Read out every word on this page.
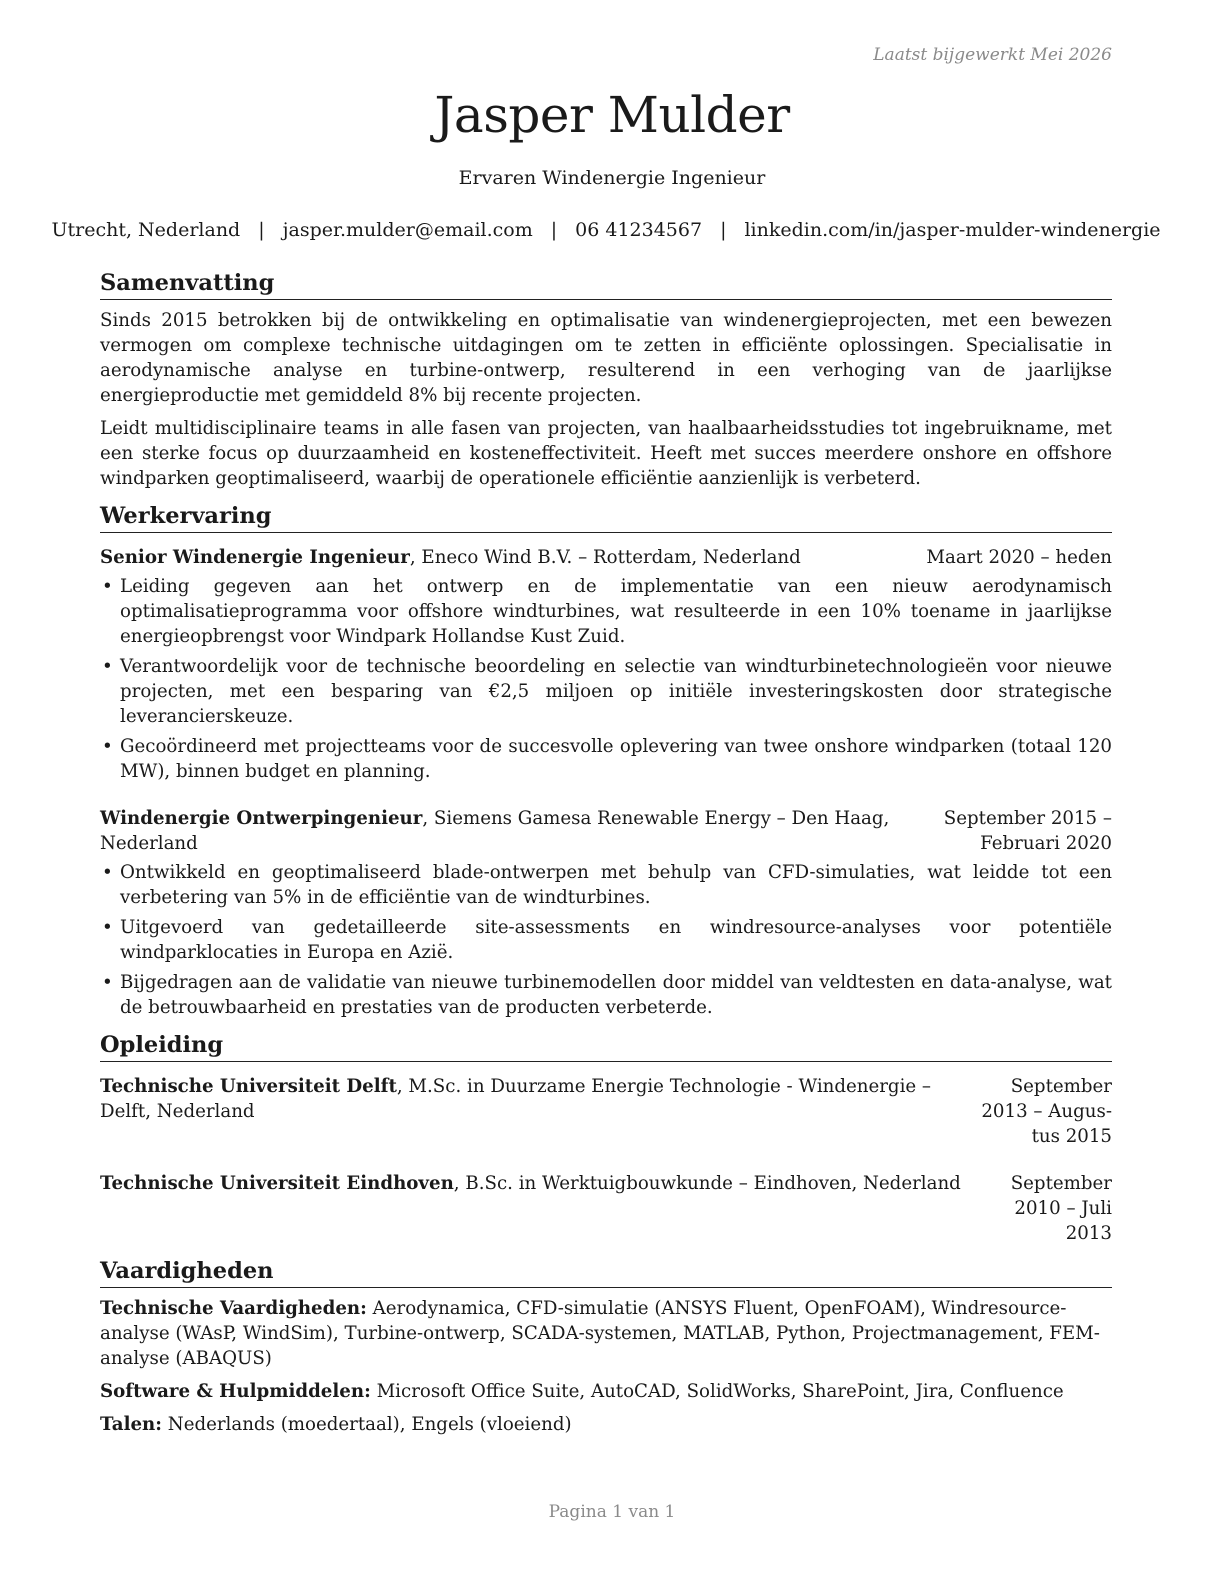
Laatst bijgewerkt Mei 2026
Jasper Mulder
Ervaren Windenergie Ingenieur
Utrecht, Nederland | jasper.mulder@email.com | 06 41234567 | linkedin.com/in/jasper-mulder-windenergie
Samenvatting

Sinds 2015 betrokken bij de ontwikkeling en optimalisatie van windenergieprojecten, met een bewezen vermogen om complexe technische uitdagingen om te zetten in efficiënte oplossingen. Specialisatie in aerodynamische analyse en turbine-ontwerp, resulterend in een verhoging van de jaarlijkse energieproductie met gemiddeld 8% bij recente projecten.

Leidt multidisciplinaire teams in alle fasen van projecten, van haalbaarheidsstudies tot ingebruikname, met een sterke focus op duurzaamheid en kosteneffectiviteit. Heeft met succes meerdere onshore en offshore windparken geoptimaliseerd, waarbij de operationele efficiëntie aanzienlijk is verbeterd.

Werkervaring
Senior Windenergie Ingenieur, Eneco Wind B.V. – Rotterdam, Nederland	Maart 2020 – heden
• Leiding gegeven aan het ontwerp en de implementatie van een nieuw aerodynamisch optimalisatieprogramma voor offshore windturbines, wat resulteerde in een 10% toename in jaarlijkse energieopbrengst voor Windpark Hollandse Kust Zuid.
• Verantwoordelijk voor de technische beoordeling en selectie van windturbinetechnologieën voor nieuwe projecten, met een besparing van €2,5 miljoen op initiële investeringskosten door strategische leverancierskeuze.
• Gecoördineerd met projectteams voor de succesvolle oplevering van twee onshore windparken (totaal 120 MW), binnen budget en planning.
Windenergie Ontwerpingenieur, Siemens Gamesa Renewable Energy – Den Haag, Nederland
September 2015 – Februari 2020
• Ontwikkeld en geoptimaliseerd blade-ontwerpen met behulp van CFD-simulaties, wat leidde tot een verbetering van 5% in de efficiëntie van de windturbines.
• Uitgevoerd van gedetailleerde site-assessments en windresource-analyses voor potentiële windparklocaties in Europa en Azië.
• Bijgedragen aan de validatie van nieuwe turbinemodellen door middel van veldtesten en data-analyse, wat de betrouwbaarheid en prestaties van de producten verbeterde.
Opleiding
Technische Universiteit Delft, M.Sc. in Duurzame Energie Technologie - Windenergie – Delft, Nederland
September 2013 – Augustus 2015
Technische Universiteit Eindhoven, B.Sc. in Werktuigbouwkunde – Eindhoven, Nederland	September 2010 – Juli 2013
Vaardigheden
Technische Vaardigheden: Aerodynamica, CFD-simulatie (ANSYS Fluent, OpenFOAM), Windresource-analyse (WAsP, WindSim), Turbine-ontwerp, SCADA-systemen, MATLAB, Python, Projectmanagement, FEM-analyse (ABAQUS)
Software & Hulpmiddelen: Microsoft Office Suite, AutoCAD, SolidWorks, SharePoint, Jira, Confluence
Talen: Nederlands (moedertaal), Engels (vloeiend)
Pagina 1 van 1
